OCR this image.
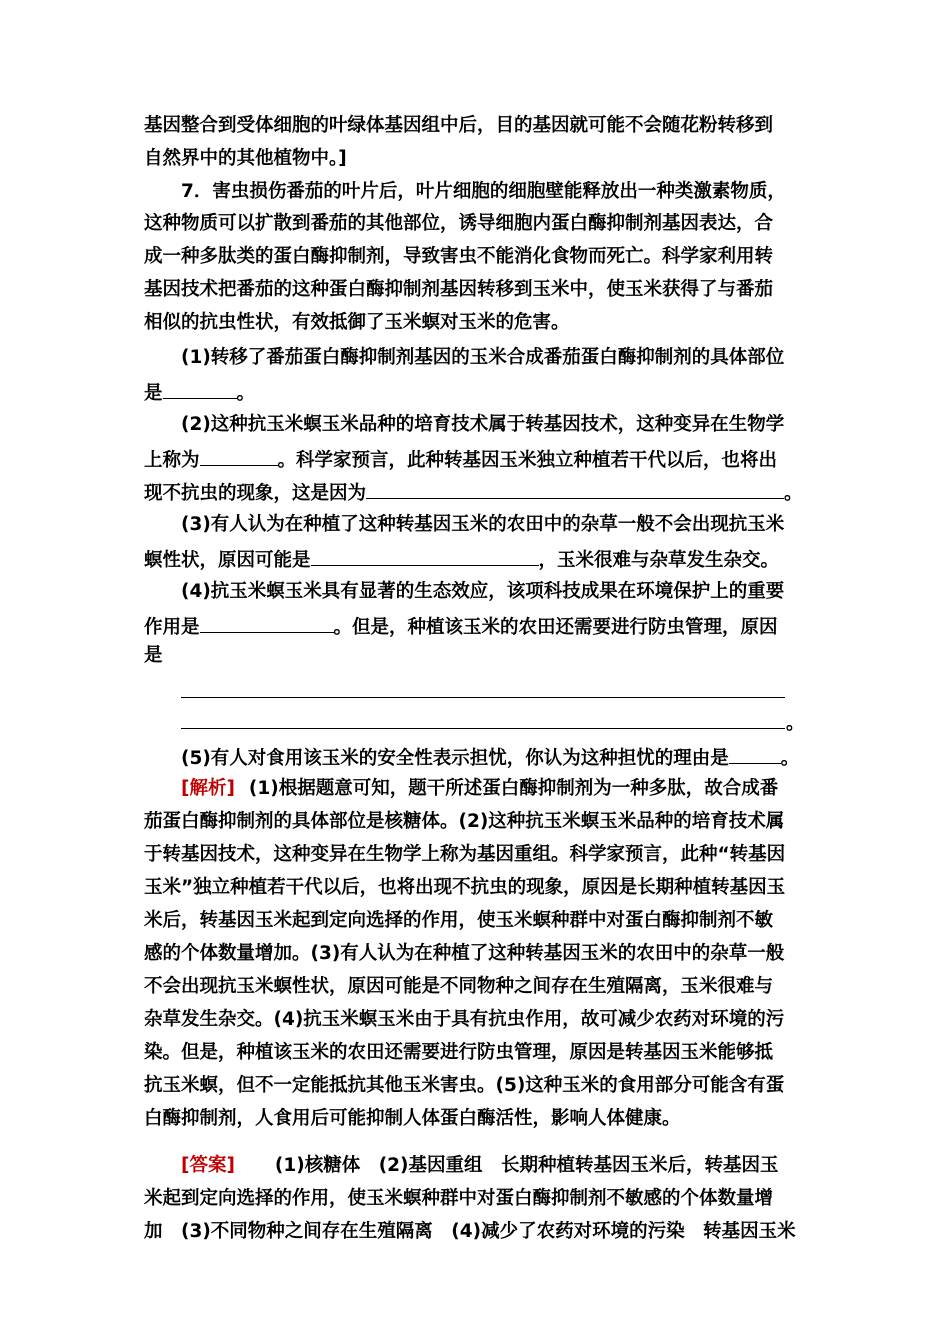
基因整合到受体细胞的叶绿体基因组中后，目的基因就可能不会随花粉转移到
自然界中的其他植物中。]
7．害虫损伤番茄的叶片后，叶片细胞的细胞壁能释放出一种类激素物质，
这种物质可以扩散到番茄的其他部位，诱导细胞内蛋白酶抑制剂基因表达，合
成一种多肽类的蛋白酶抑制剂，导致害虫不能消化食物而死亡。科学家利用转
基因技术把番茄的这种蛋白酶抑制剂基因转移到玉米中，使玉米获得了与番茄
相似的抗虫性状，有效抵御了玉米螟对玉米的危害。
(1)转移了番茄蛋白酶抑制剂基因的玉米合成番茄蛋白酶抑制剂的具体部位
是	。
(2)这种抗玉米螟玉米品种的培育技术属于转基因技术，这种变异在生物学
上称为	。科学家预言，此种转基因玉米独立种植若干代以后，也将出
现不抗虫的现象，这是因为	。
(3)有人认为在种植了这种转基因玉米的农田中的杂草一般不会出现抗玉米
螟性状，原因可能是	，玉米很难与杂草发生杂交。
(4)抗玉米螟玉米具有显著的生态效应，该项科技成果在环境保护上的重要
作用是	。但是，种植该玉米的农田还需要进行防虫管理，原因
是
。
(5)有人对食用该玉米的安全性表示担忧，你认为这种担忧的理由是	。
[解析] (1)根据题意可知，题干所述蛋白酶抑制剂为一种多肽，故合成番
茄蛋白酶抑制剂的具体部位是核糖体。(2)这种抗玉米螟玉米品种的培育技术属
于转基因技术，这种变异在生物学上称为基因重组。科学家预言，此种“转基因
玉米”独立种植若干代以后，也将出现不抗虫的现象，原因是长期种植转基因玉
米后，转基因玉米起到定向选择的作用，使玉米螟种群中对蛋白酶抑制剂不敏
感的个体数量增加。(3)有人认为在种植了这种转基因玉米的农田中的杂草一般
不会出现抗玉米螟性状，原因可能是不同物种之间存在生殖隔离，玉米很难与
杂草发生杂交。(4)抗玉米螟玉米由于具有抗虫作用，故可减少农药对环境的污
染。但是，种植该玉米的农田还需要进行防虫管理，原因是转基因玉米能够抵
抗玉米螟，但不一定能抵抗其他玉米害虫。(5)这种玉米的食用部分可能含有蛋
白酶抑制剂，人食用后可能抑制人体蛋白酶活性，影响人体健康。
[答案] (1)核糖体　(2)基因重组　长期种植转基因玉米后，转基因玉
米起到定向选择的作用，使玉米螟种群中对蛋白酶抑制剂不敏感的个体数量增
加　(3)不同物种之间存在生殖隔离　(4)减少了农药对环境的污染　转基因玉米
